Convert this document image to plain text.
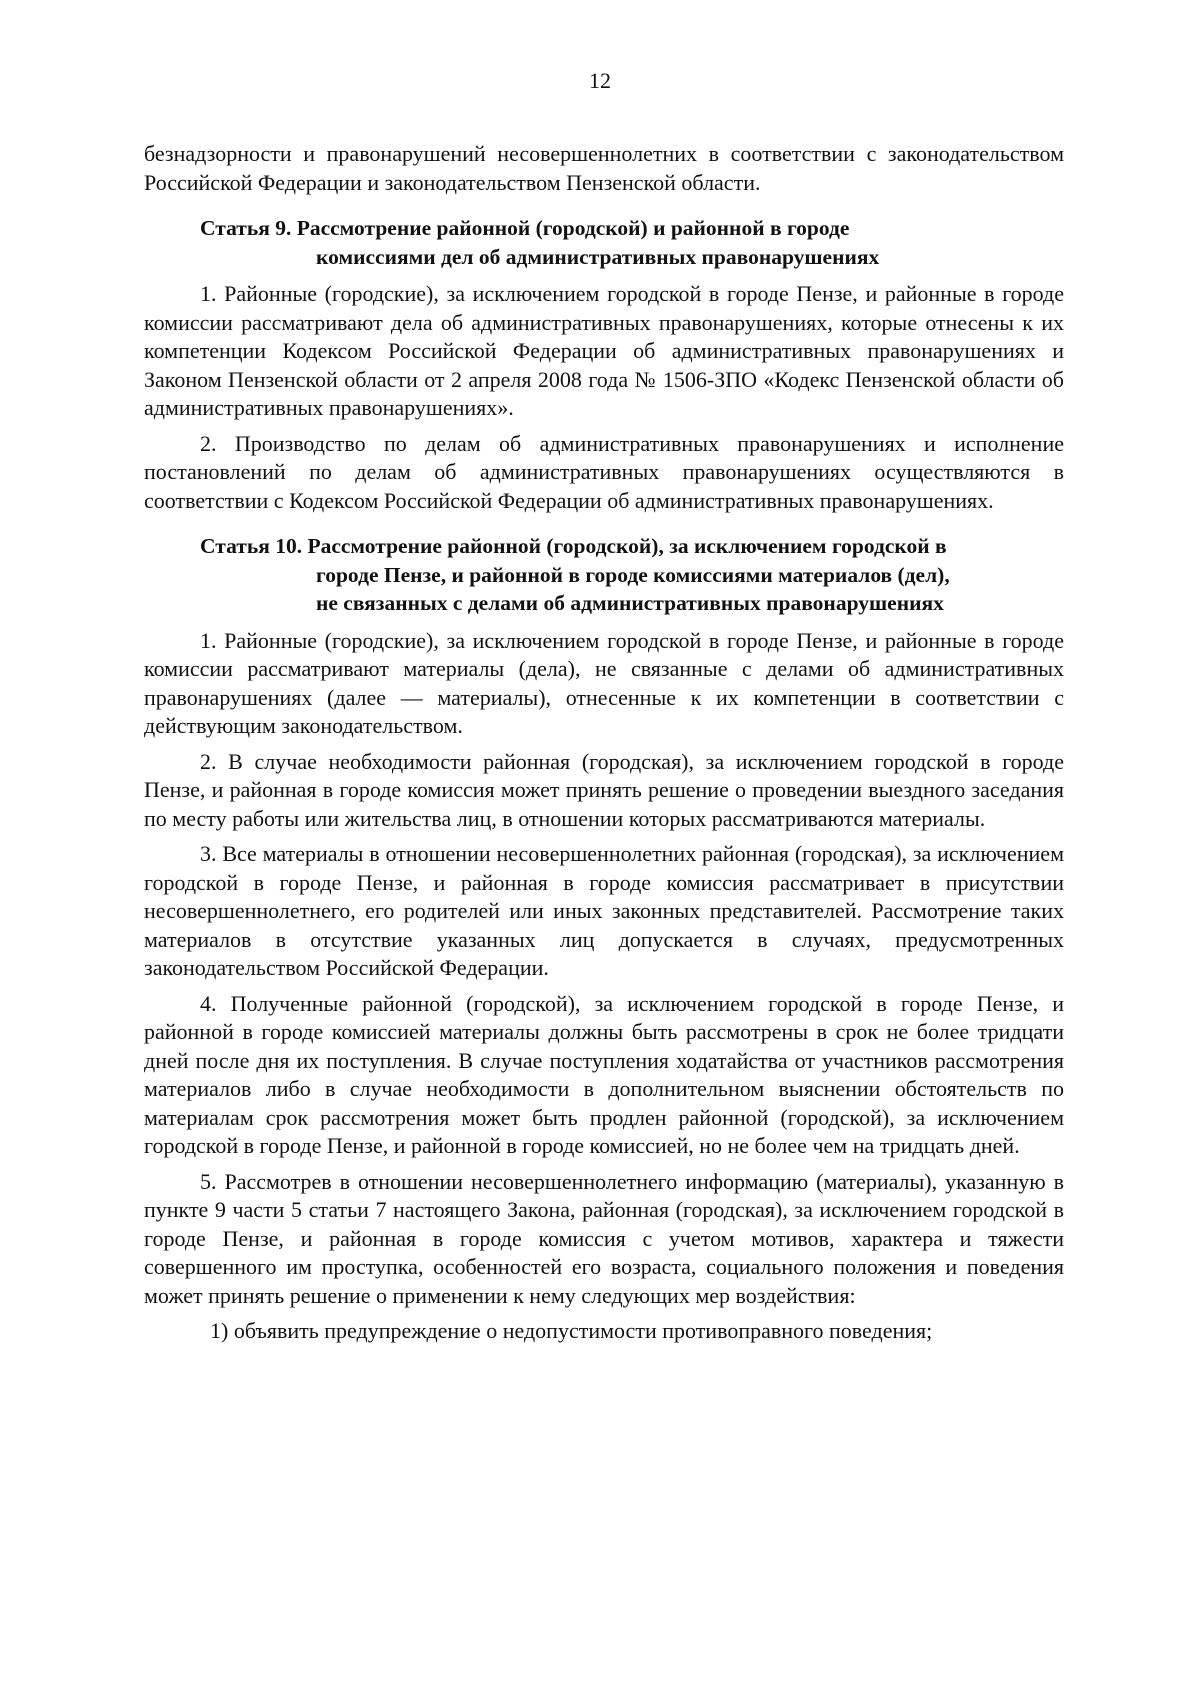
12

безнадзорности и правонарушений несовершеннолетних в соответствии с законодательством Российской Федерации и законодательством Пензенской области.

Статья 9. Рассмотрение районной (городской) и районной в городе
комиссиями дел об административных правонарушениях

1. Районные (городские), за исключением городской в городе Пензе, и районные в городе комиссии рассматривают дела об административных правонарушениях, которые отнесены к их компетенции Кодексом Российской Федерации об административных правонарушениях и Законом Пензенской области от 2 апреля 2008 года № 1506-ЗПО «Кодекс Пензенской области об административных правонарушениях».

2. Производство по делам об административных правонарушениях и исполнение постановлений по делам об административных правонарушениях осуществляются в соответствии с Кодексом Российской Федерации об административных правонарушениях.

Статья 10. Рассмотрение районной (городской), за исключением городской в
городе Пензе, и районной в городе комиссиями материалов (дел),
не связанных с делами об административных правонарушениях

1. Районные (городские), за исключением городской в городе Пензе, и районные в городе комиссии рассматривают материалы (дела), не связанные с делами об административных правонарушениях (далее — материалы), отнесенные к их компетенции в соответствии с действующим законодательством.

2. В случае необходимости районная (городская), за исключением городской в городе Пензе, и районная в городе комиссия может принять решение о проведении выездного заседания по месту работы или жительства лиц, в отношении которых рассматриваются материалы.

3. Все материалы в отношении несовершеннолетних районная (городская), за исключением городской в городе Пензе, и районная в городе комиссия рассматривает в присутствии несовершеннолетнего, его родителей или иных законных представителей. Рассмотрение таких материалов в отсутствие указанных лиц допускается в случаях, предусмотренных законодательством Российской Федерации.

4. Полученные районной (городской), за исключением городской в городе Пензе, и районной в городе комиссией материалы должны быть рассмотрены в срок не более тридцати дней после дня их поступления. В случае поступления ходатайства от участников рассмотрения материалов либо в случае необходимости в дополнительном выяснении обстоятельств по материалам срок рассмотрения может быть продлен районной (городской), за исключением городской в городе Пензе, и районной в городе комиссией, но не более чем на тридцать дней.

5. Рассмотрев в отношении несовершеннолетнего информацию (материалы), указанную в пункте 9 части 5 статьи 7 настоящего Закона, районная (городская), за исключением городской в городе Пензе, и районная в городе комиссия с учетом мотивов, характера и тяжести совершенного им проступка, особенностей его возраста, социального положения и поведения может принять решение о применении к нему следующих мер воздействия:

1) объявить предупреждение о недопустимости противоправного поведения;
